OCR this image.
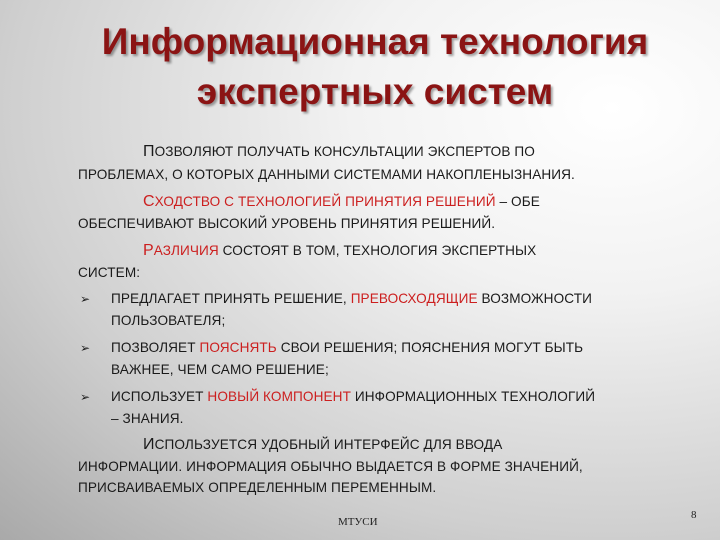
Информационная технология
экспертных систем
ПОЗВОЛЯЮТ ПОЛУЧАТЬ КОНСУЛЬТАЦИИ ЭКСПЕРТОВ ПО
ПРОБЛЕМАХ, О КОТОРЫХ ДАННЫМИ СИСТЕМАМИ НАКОПЛЕНЫЗНАНИЯ.
СХОДСТВО С ТЕХНОЛОГИЕЙ ПРИНЯТИЯ РЕШЕНИЙ – ОБЕ
ОБЕСПЕЧИВАЮТ ВЫСОКИЙ УРОВЕНЬ ПРИНЯТИЯ РЕШЕНИЙ.
РАЗЛИЧИЯ СОСТОЯТ В ТОМ, ТЕХНОЛОГИЯ ЭКСПЕРТНЫХ
СИСТЕМ:
➢ ПРЕДЛАГАЕТ ПРИНЯТЬ РЕШЕНИЕ, ПРЕВОСХОДЯЩИЕ ВОЗМОЖНОСТИ
ПОЛЬЗОВАТЕЛЯ;
➢ ПОЗВОЛЯЕТ ПОЯСНЯТЬ СВОИ РЕШЕНИЯ; ПОЯСНЕНИЯ МОГУТ БЫТЬ
ВАЖНЕЕ, ЧЕМ САМО РЕШЕНИЕ;
➢ ИСПОЛЬЗУЕТ НОВЫЙ КОМПОНЕНТ ИНФОРМАЦИОННЫХ ТЕХНОЛОГИЙ
– ЗНАНИЯ.
ИСПОЛЬЗУЕТСЯ УДОБНЫЙ ИНТЕРФЕЙС ДЛЯ ВВОДА
ИНФОРМАЦИИ. ИНФОРМАЦИЯ ОБЫЧНО ВЫДАЕТСЯ В ФОРМЕ ЗНАЧЕНИЙ,
ПРИСВАИВАЕМЫХ ОПРЕДЕЛЕННЫМ ПЕРЕМЕННЫМ.
МТУСИ
8
